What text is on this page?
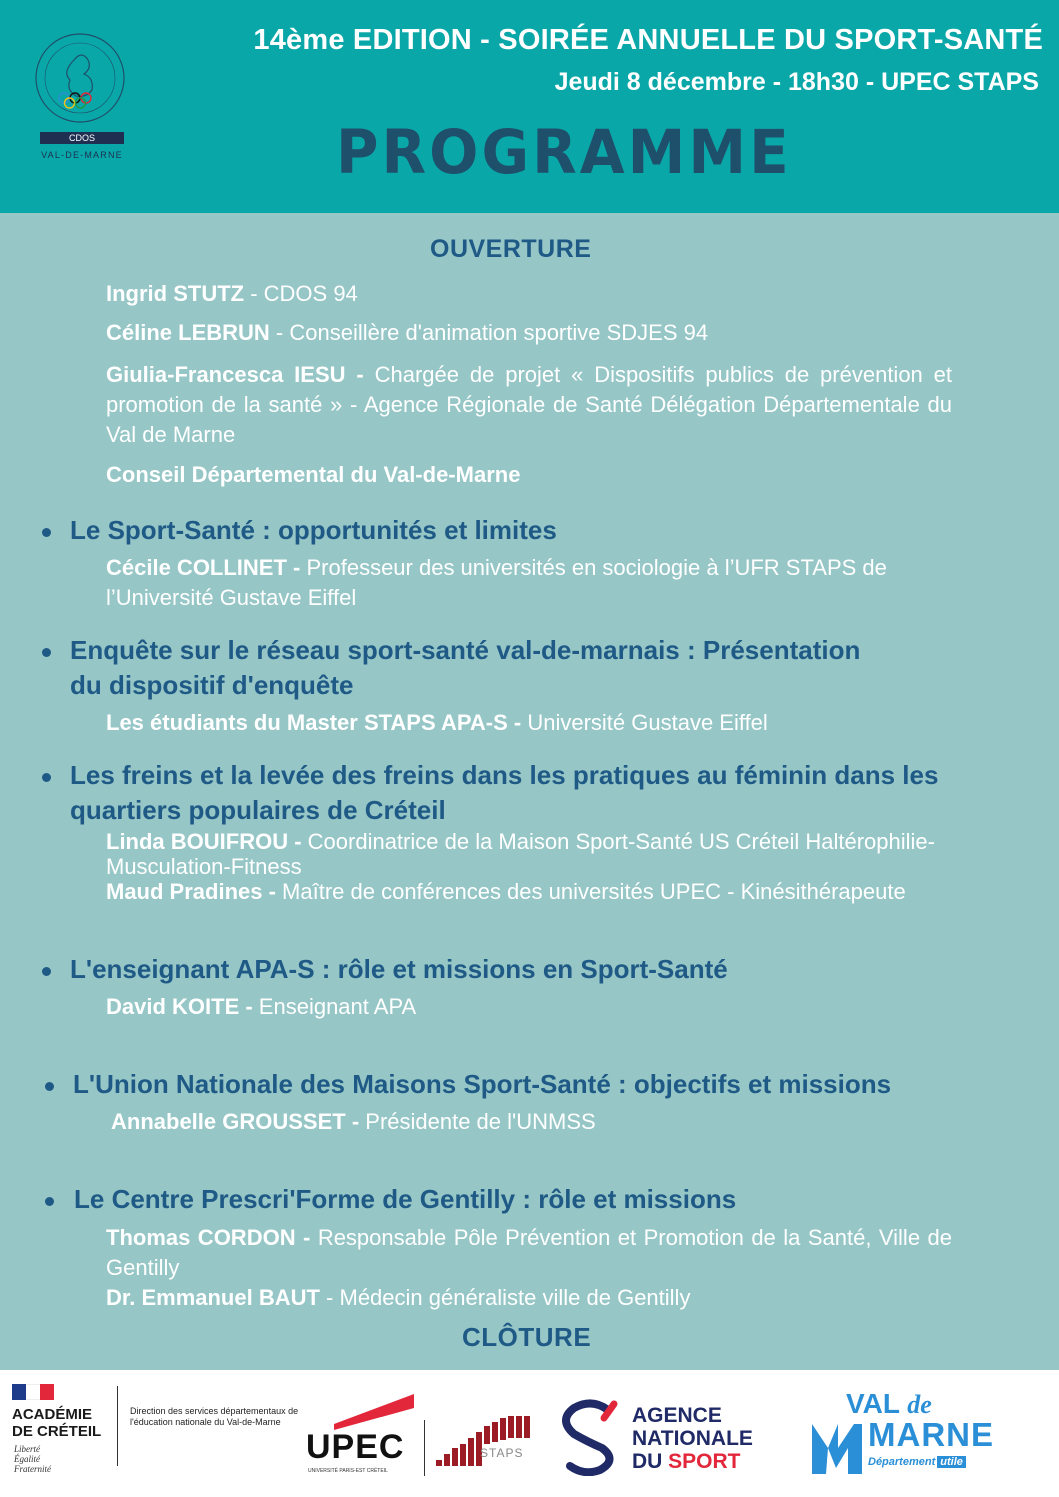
CDOS
VAL-DE-MARNE
14ème EDITION - SOIRÉE ANNUELLE DU SPORT-SANTÉ
Jeudi 8 décembre - 18h30 - UPEC STAPS
PROGRAMME
OUVERTURE
Ingrid STUTZ - CDOS 94
Céline LEBRUN - Conseillère d'animation sportive SDJES 94
Giulia-Francesca IESU - Chargée de projet « Dispositifs publics de prévention et promotion de la santé » - Agence Régionale de Santé Délégation Départementale du Val de Marne
Conseil Départemental du Val-de-Marne
Le Sport-Santé : opportunités et limites
Cécile COLLINET - Professeur des universités en sociologie à l’UFR STAPS de l’Université Gustave Eiffel
Enquête sur le réseau sport-santé val-de-marnais : Présentation du dispositif d'enquête
Les étudiants du Master STAPS APA-S - Université Gustave Eiffel
Les freins et la levée des freins dans les pratiques au féminin dans les quartiers populaires de Créteil
Linda BOUIFROU - Coordinatrice de la Maison Sport-Santé US Créteil Haltérophilie-Musculation-Fitness
Maud Pradines - Maître de conférences des universités UPEC - Kinésithérapeute
L'enseignant APA-S : rôle et missions en Sport-Santé
David KOITE - Enseignant APA
L'Union Nationale des Maisons Sport-Santé : objectifs et missions
Annabelle GROUSSET - Présidente de l'UNMSS
Le Centre Prescri'Forme de Gentilly : rôle et missions
Thomas CORDON - Responsable Pôle Prévention et Promotion de la Santé, Ville de Gentilly
Dr. Emmanuel BAUT - Médecin généraliste ville de Gentilly
CLÔTURE
ACADÉMIE
DE CRÉTEIL
Liberté
Égalité
Fraternité
Direction des services départementaux de l'éducation nationale du Val-de-Marne
UPEC
UNIVERSITÉ PARIS-EST CRÉTEIL
STAPS
AGENCE
NATIONALE
DU SPORT
VAL de
MARNE
Département utile
